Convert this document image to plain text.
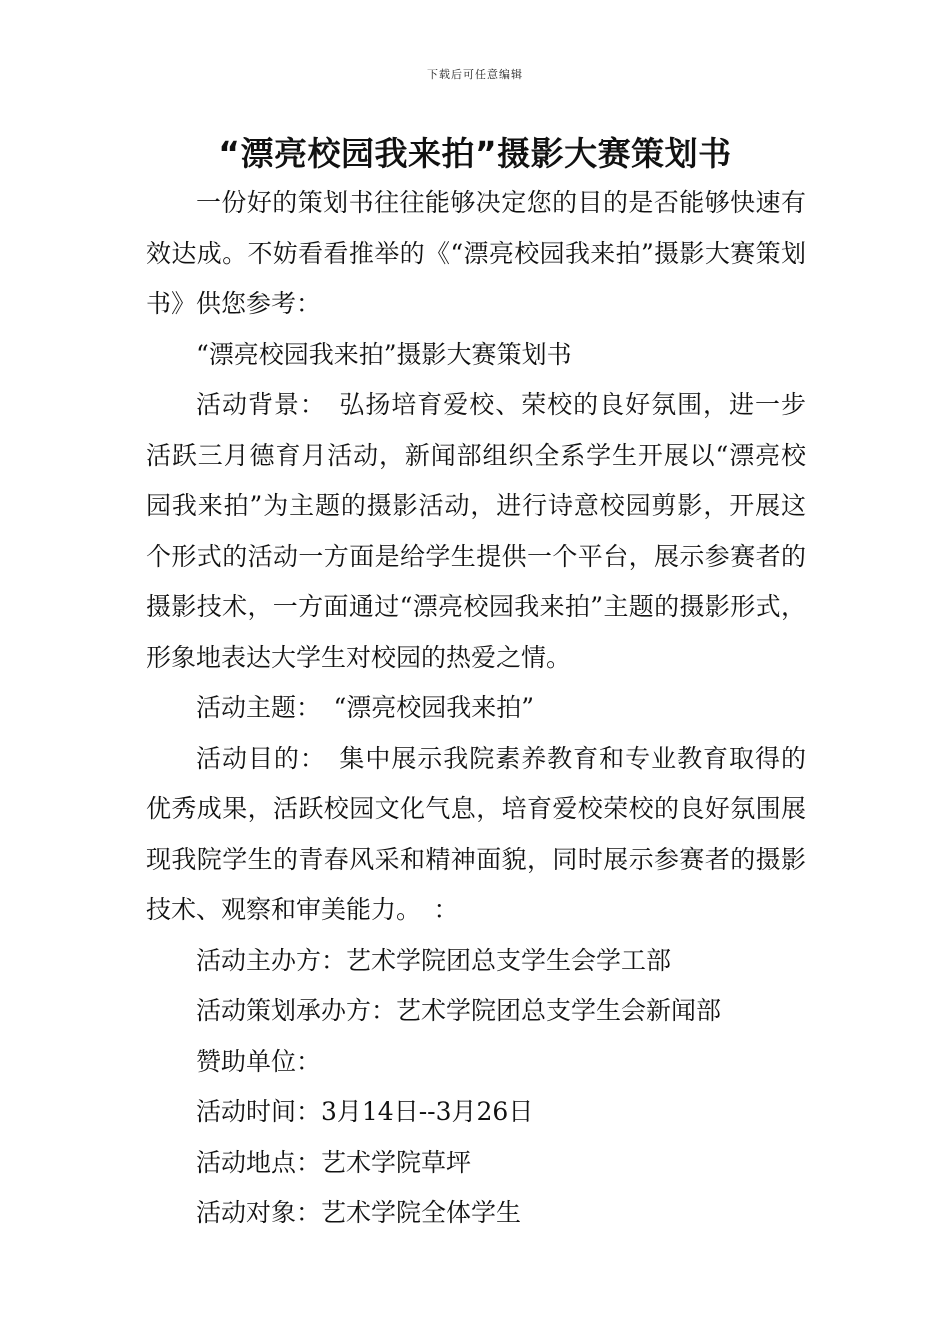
下载后可任意编辑
“漂亮校园我来拍”摄影大赛策划书

一份好的策划书往往能够决定您的目的是否能够快速有效达成。不妨看看推举的《“漂亮校园我来拍”摄影大赛策划书》供您参考：

“漂亮校园我来拍”摄影大赛策划书

活动背景：　弘扬培育爱校、荣校的良好氛围，进一步活跃三月德育月活动，新闻部组织全系学生开展以“漂亮校园我来拍”为主题的摄影活动，进行诗意校园剪影，开展这个形式的活动一方面是给学生提供一个平台，展示参赛者的摄影技术，一方面通过“漂亮校园我来拍”主题的摄影形式，形象地表达大学生对校园的热爱之情。

活动主题：　“漂亮校园我来拍”

活动目的：　集中展示我院素养教育和专业教育取得的优秀成果，活跃校园文化气息，培育爱校荣校的良好氛围展现我院学生的青春风采和精神面貌，同时展示参赛者的摄影技术、观察和审美能力。　：

活动主办方：艺术学院团总支学生会学工部

活动策划承办方：艺术学院团总支学生会新闻部

赞助单位：

活动时间：3月14日--3月26日

活动地点：艺术学院草坪

活动对象：艺术学院全体学生
